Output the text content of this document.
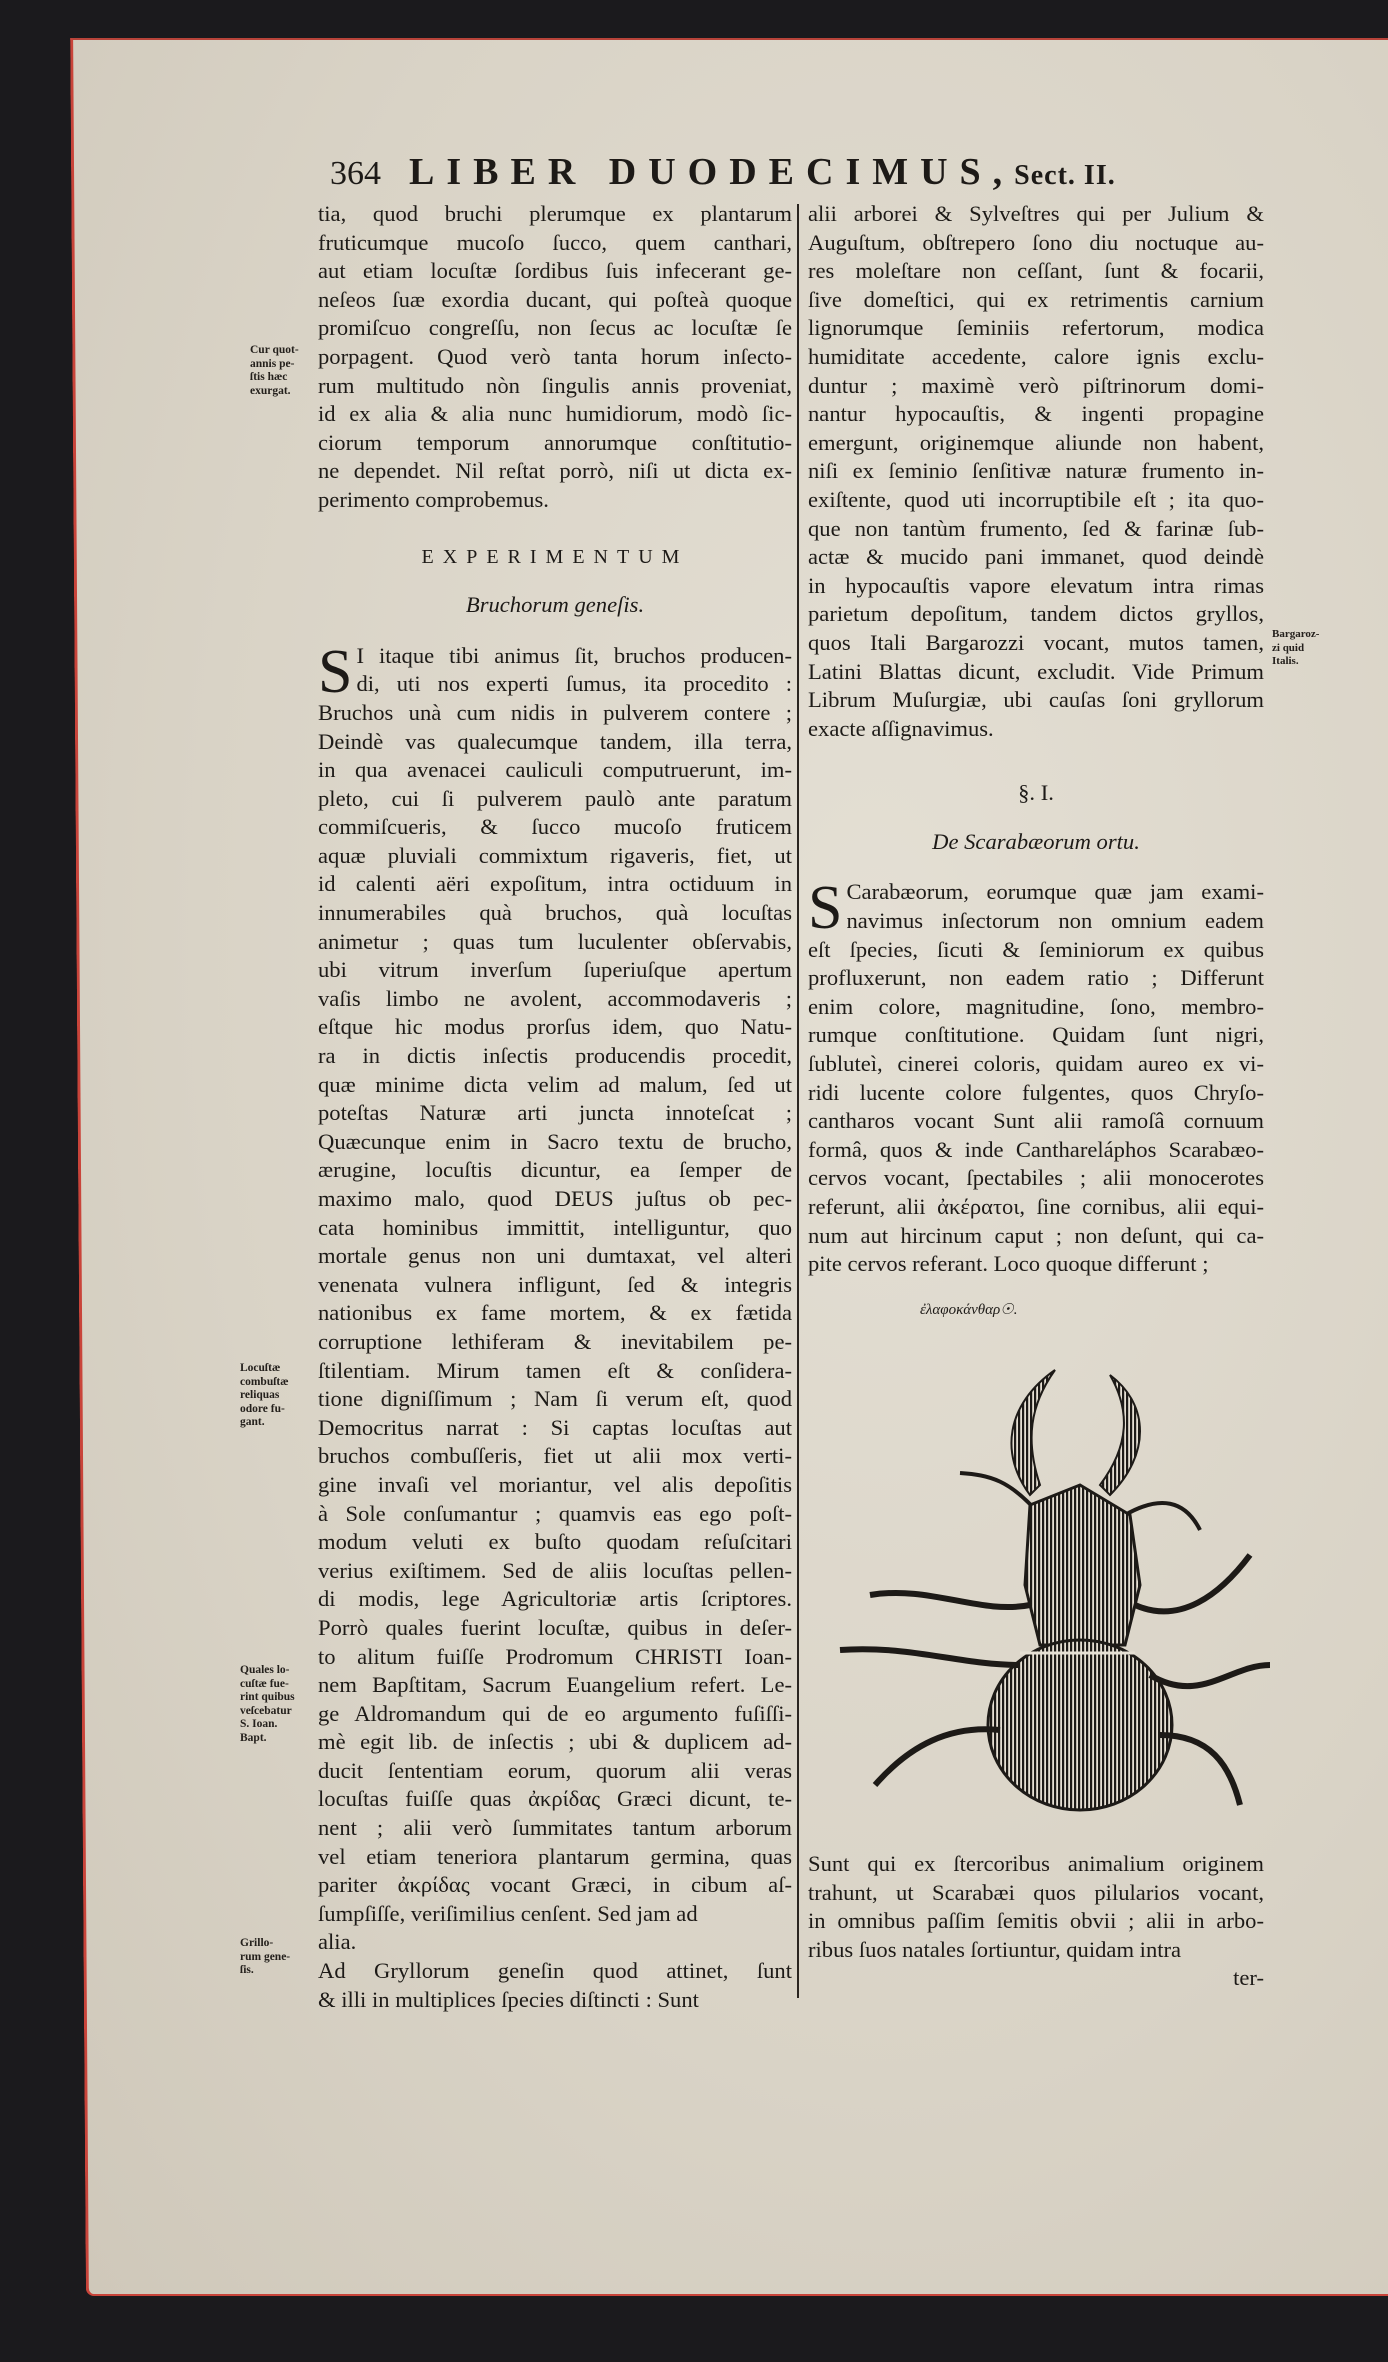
364 LIBER DUODECIMUS, Sect. II.
tia, quod bruchi plerumque ex plantarum
fruticumque mucoſo ſucco, quem canthari,
aut etiam locuſtæ ſordibus ſuis infecerant ge-
neſeos ſuæ exordia ducant, qui poſteà quoque
promiſcuo congreſſu, non ſecus ac locuſtæ ſe
porpagent. Quod verò tanta horum inſecto-
rum multitudo nòn ſingulis annis proveniat,
id ex alia & alia nunc humidiorum, modò ſic-
ciorum temporum annorumque conſtitutio-
ne dependet. Nil reſtat porrò, niſi ut dicta ex-
perimento comprobemus.
EXPERIMENTUM
Bruchorum geneſis.
S I itaque tibi animus ſit, bruchos producen-
di, uti nos experti ſumus, ita procedito :
Bruchos unà cum nidis in pulverem contere ;
Deindè vas qualecumque tandem, illa terra,
in qua avenacei cauliculi computruerunt, im-
pleto, cui ſi pulverem paulò ante paratum
commiſcueris, & ſucco mucoſo fruticem
aquæ pluviali commixtum rigaveris, fiet, ut
id calenti aëri expoſitum, intra octiduum in
innumerabiles quà bruchos, quà locuſtas
animetur ; quas tum luculenter obſervabis,
ubi vitrum inverſum ſuperiuſque apertum
vaſis limbo ne avolent, accommodaveris ;
eſtque hic modus prorſus idem, quo Natu-
ra in dictis inſectis producendis procedit,
quæ minime dicta velim ad malum, ſed ut
poteſtas Naturæ arti juncta innoteſcat ;
Quæcunque enim in Sacro textu de brucho,
ærugine, locuſtis dicuntur, ea ſemper de
maximo malo, quod DEUS juſtus ob pec-
cata hominibus immittit, intelliguntur, quo
mortale genus non uni dumtaxat, vel alteri
venenata vulnera infligunt, ſed & integris
nationibus ex fame mortem, & ex fætida
corruptione lethiferam & inevitabilem pe-
ſtilentiam. Mirum tamen eſt & conſidera-
tione digniſſimum ; Nam ſi verum eſt, quod
Democritus narrat : Si captas locuſtas aut
bruchos combuſſeris, fiet ut alii mox verti-
gine invaſi vel moriantur, vel alis depoſitis
à Sole conſumantur ; quamvis eas ego poſt-
modum veluti ex buſto quodam reſuſcitari
verius exiſtimem. Sed de aliis locuſtas pellen-
di modis, lege Agricultoriæ artis ſcriptores.
Porrò quales fuerint locuſtæ, quibus in deſer-
to alitum fuiſſe Prodromum CHRISTI Ioan-
nem Bapſtitam, Sacrum Euangelium refert. Le-
ge Aldromandum qui de eo argumento fuſiſſi-
mè egit lib. de inſectis ; ubi & duplicem ad-
ducit ſententiam eorum, quorum alii veras
locuſtas fuiſſe quas ἀκρίδας Græci dicunt, te-
nent ; alii verò ſummitates tantum arborum
vel etiam teneriora plantarum germina, quas
pariter ἀκρίδας vocant Græci, in cibum aſ-
ſumpſiſſe, veriſimilius cenſent. Sed jam ad
alia.
Ad Gryllorum geneſin quod attinet, ſunt
& illi in multiplices ſpecies diſtincti : Sunt
alii arborei & Sylveſtres qui per Julium &
Auguſtum, obſtrepero ſono diu noctuque au-
res moleſtare non ceſſant, ſunt & focarii,
ſive domeſtici, qui ex retrimentis carnium
lignorumque ſeminiis refertorum, modica
humiditate accedente, calore ignis exclu-
duntur ; maximè verò piſtrinorum domi-
nantur hypocauſtis, & ingenti propagine
emergunt, originemque aliunde non habent,
niſi ex ſeminio ſenſitivæ naturæ frumento in-
exiſtente, quod uti incorruptibile eſt ; ita quo-
que non tantùm frumento, ſed & farinæ ſub-
actæ & mucido pani immanet, quod deindè
in hypocauſtis vapore elevatum intra rimas
parietum depoſitum, tandem dictos gryllos,
quos Itali Bargarozzi vocant, mutos tamen,
Latini Blattas dicunt, excludit. Vide Primum
Librum Muſurgiæ, ubi cauſas ſoni gryllorum
exacte aſſignavimus.
§. I.
De Scarabæorum ortu.
S Carabæorum, eorumque quæ jam exami-
navimus inſectorum non omnium eadem
eſt ſpecies, ſicuti & ſeminiorum ex quibus
profluxerunt, non eadem ratio ; Differunt
enim colore, magnitudine, ſono, membro-
rumque conſtitutione. Quidam ſunt nigri,
ſubluteì, cinerei coloris, quidam aureo ex vi-
ridi lucente colore fulgentes, quos Chryſo-
cantharos vocant Sunt alii ramoſâ cornuum
formâ, quos & inde Canthareláphos Scarabæo-
cervos vocant, ſpectabiles ; alii monocerotes
referunt, alii ἀκέρατοι, ſine cornibus, alii equi-
num aut hircinum caput ; non deſunt, qui ca-
pite cervos referant. Loco quoque differunt ;
ἐλαφοκάνθαρ☉.
Sunt qui ex ſtercoribus animalium originem
trahunt, ut Scarabæi quos pilularios vocant,
in omnibus paſſim ſemitis obvii ; alii in arbo-
ribus ſuos natales ſortiuntur, quidam intra
ter-
Cur quot-
annis pe-
ſtis hæc
exurgat.
Locuſtæ
combuſtæ
reliquas
odore fu-
gant.
Quales lo-
cuſtæ fue-
rint quibus
veſcebatur
S. Ioan.
Bapt.
Grillo-
rum gene-
ſis.
Bargaroz-
zi quid
Italis.
